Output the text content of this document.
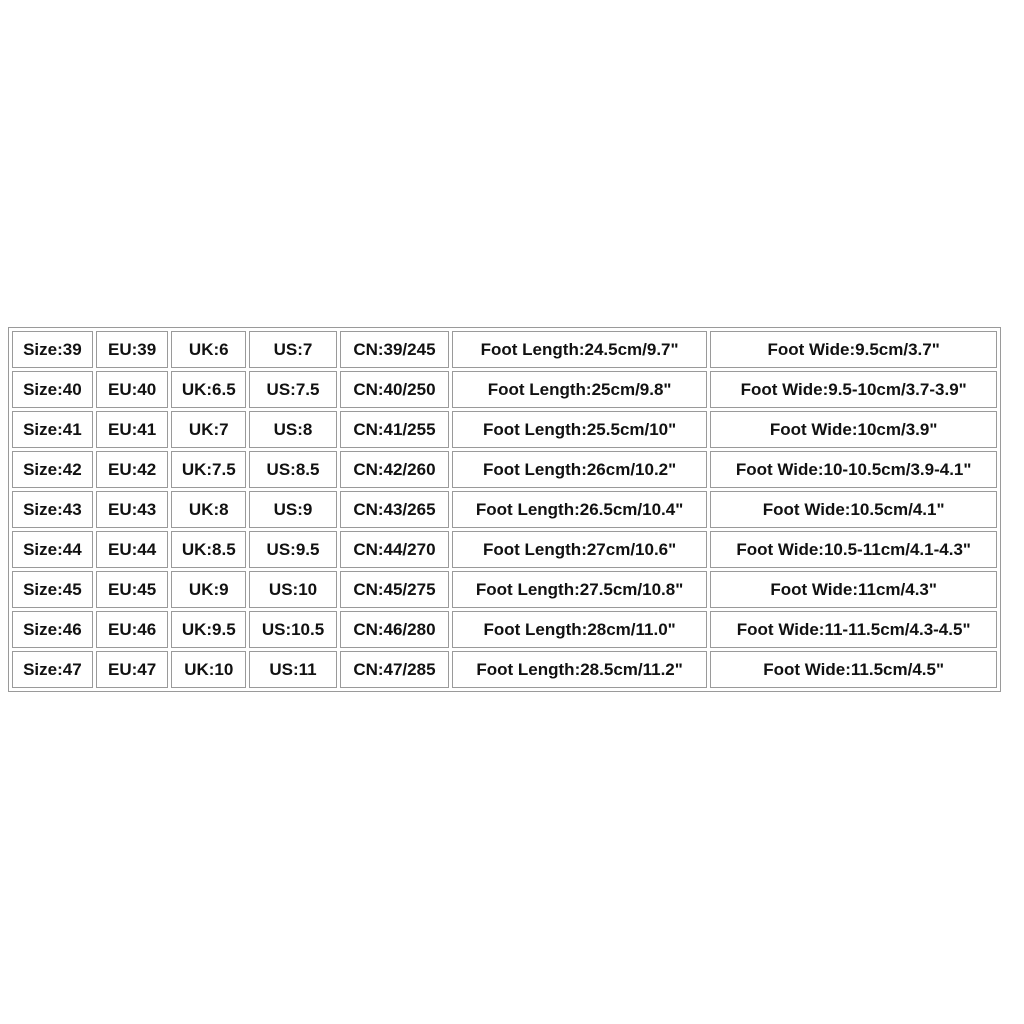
Size:39	EU:39	UK:6	US:7	CN:39/245	Foot Length:24.5cm/9.7"	Foot Wide:9.5cm/3.7"
Size:40	EU:40	UK:6.5	US:7.5	CN:40/250	Foot Length:25cm/9.8"	Foot Wide:9.5-10cm/3.7-3.9"
Size:41	EU:41	UK:7	US:8	CN:41/255	Foot Length:25.5cm/10"	Foot Wide:10cm/3.9"
Size:42	EU:42	UK:7.5	US:8.5	CN:42/260	Foot Length:26cm/10.2"	Foot Wide:10-10.5cm/3.9-4.1"
Size:43	EU:43	UK:8	US:9	CN:43/265	Foot Length:26.5cm/10.4"	Foot Wide:10.5cm/4.1"
Size:44	EU:44	UK:8.5	US:9.5	CN:44/270	Foot Length:27cm/10.6"	Foot Wide:10.5-11cm/4.1-4.3"
Size:45	EU:45	UK:9	US:10	CN:45/275	Foot Length:27.5cm/10.8"	Foot Wide:11cm/4.3"
Size:46	EU:46	UK:9.5	US:10.5	CN:46/280	Foot Length:28cm/11.0"	Foot Wide:11-11.5cm/4.3-4.5"
Size:47	EU:47	UK:10	US:11	CN:47/285	Foot Length:28.5cm/11.2"	Foot Wide:11.5cm/4.5"
